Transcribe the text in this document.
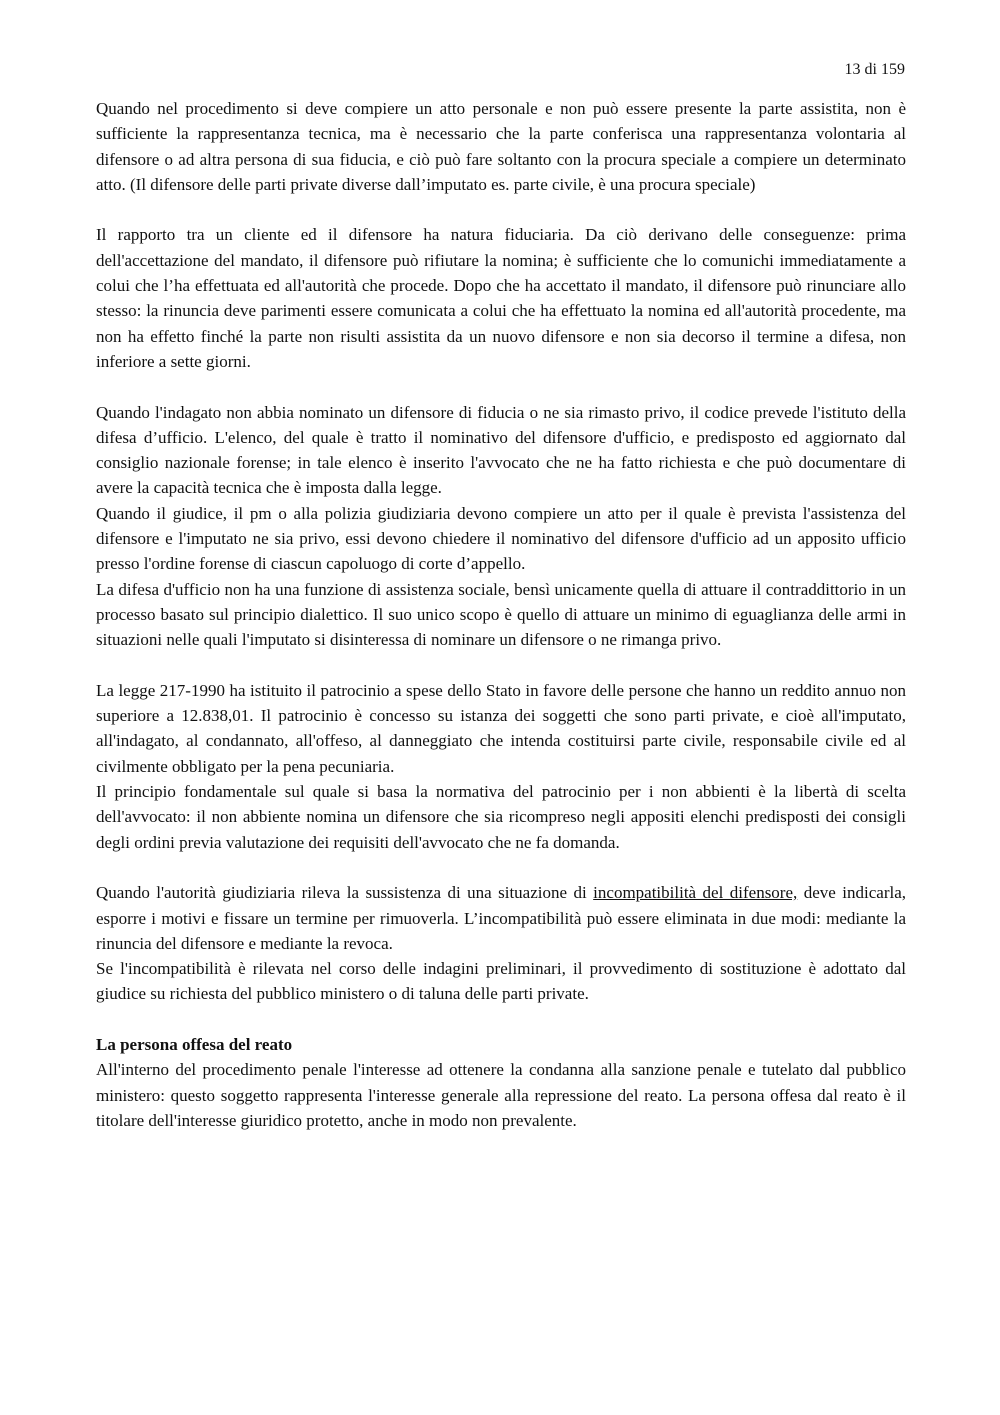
13 di 159

Quando nel procedimento si deve compiere un atto personale e non può essere presente la parte assistita, non è sufficiente la rappresentanza tecnica, ma è necessario che la parte conferisca una rappresentanza volontaria al difensore o ad altra persona di sua fiducia, e ciò può fare soltanto con la procura speciale a compiere un determinato atto. (Il difensore delle parti private diverse dall’imputato es. parte civile, è una procura speciale)

Il rapporto tra un cliente ed il difensore ha natura fiduciaria. Da ciò derivano delle conseguenze: prima dell'accettazione del mandato, il difensore può rifiutare la nomina; è sufficiente che lo comunichi immediatamente a colui che l’ha effettuata ed all'autorità che procede. Dopo che ha accettato il mandato, il difensore può rinunciare allo stesso: la rinuncia deve parimenti essere comunicata a colui che ha effettuato la nomina ed all'autorità procedente, ma non ha effetto finché la parte non risulti assistita da un nuovo difensore e non sia decorso il termine a difesa, non inferiore a sette giorni.

Quando l'indagato non abbia nominato un difensore di fiducia o ne sia rimasto privo, il codice prevede l'istituto della difesa d’ufficio. L'elenco, del quale è tratto il nominativo del difensore d'ufficio, e predisposto ed aggiornato dal consiglio nazionale forense; in tale elenco è inserito l'avvocato che ne ha fatto richiesta e che può documentare di avere la capacità tecnica che è imposta dalla legge.

Quando il giudice, il pm o alla polizia giudiziaria devono compiere un atto per il quale è prevista l'assistenza del difensore e l'imputato ne sia privo, essi devono chiedere il nominativo del difensore d'ufficio ad un apposito ufficio presso l'ordine forense di ciascun capoluogo di corte d’appello.

La difesa d'ufficio non ha una funzione di assistenza sociale, bensì unicamente quella di attuare il contraddittorio in un processo basato sul principio dialettico. Il suo unico scopo è quello di attuare un minimo di eguaglianza delle armi in situazioni nelle quali l'imputato si disinteressa di nominare un difensore o ne rimanga privo.

La legge 217-1990 ha istituito il patrocinio a spese dello Stato in favore delle persone che hanno un reddito annuo non superiore a 12.838,01. Il patrocinio è concesso su istanza dei soggetti che sono parti private, e cioè all'imputato, all'indagato, al condannato, all'offeso, al danneggiato che intenda costituirsi parte civile, responsabile civile ed al civilmente obbligato per la pena pecuniaria.

Il principio fondamentale sul quale si basa la normativa del patrocinio per i non abbienti è la libertà di scelta dell'avvocato: il non abbiente nomina un difensore che sia ricompreso negli appositi elenchi predisposti dei consigli degli ordini previa valutazione dei requisiti dell'avvocato che ne fa domanda.

Quando l'autorità giudiziaria rileva la sussistenza di una situazione di incompatibilità del difensore, deve indicarla, esporre i motivi e fissare un termine per rimuoverla. L’incompatibilità può essere eliminata in due modi: mediante la rinuncia del difensore e mediante la revoca.

Se l'incompatibilità è rilevata nel corso delle indagini preliminari, il provvedimento di sostituzione è adottato dal giudice su richiesta del pubblico ministero o di taluna delle parti private.

La persona offesa del reato

All'interno del procedimento penale l'interesse ad ottenere la condanna alla sanzione penale e tutelato dal pubblico ministero: questo soggetto rappresenta l'interesse generale alla repressione del reato. La persona offesa dal reato è il titolare dell'interesse giuridico protetto, anche in modo non prevalente.
